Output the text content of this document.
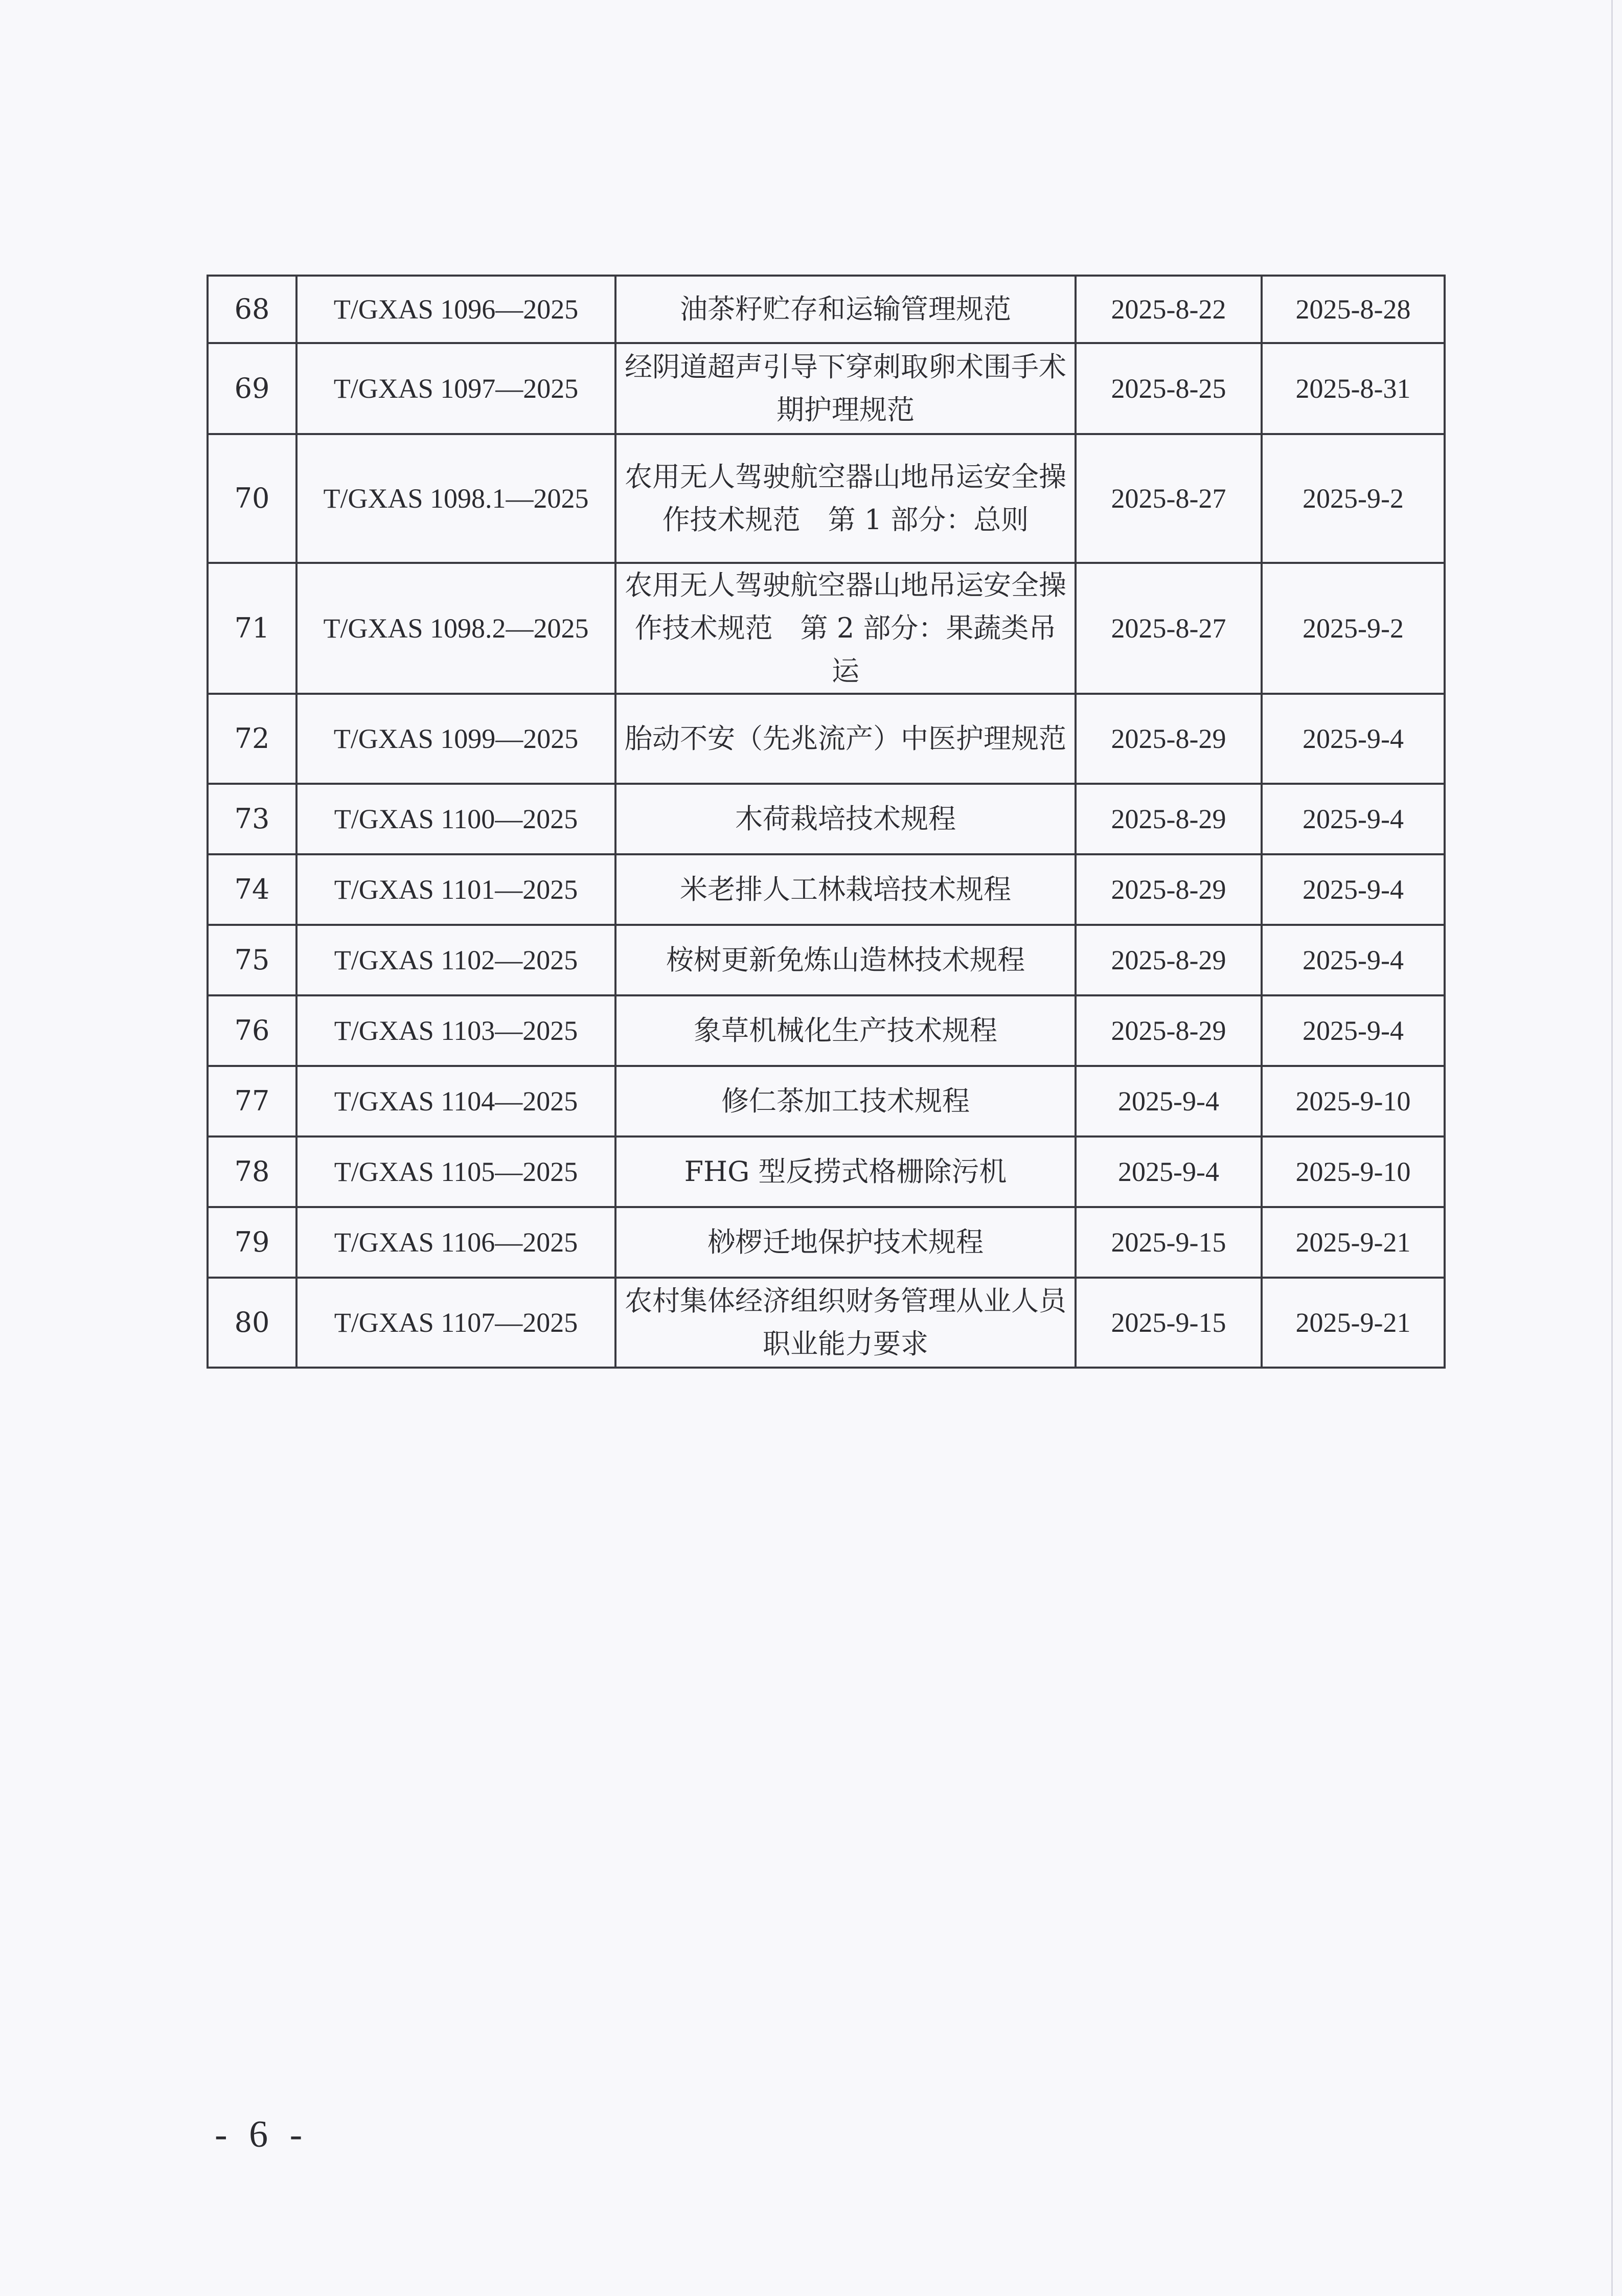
68	T/GXAS 1096—2025	油茶籽贮存和运输管理规范	2025-8-22	2025-8-28
69	T/GXAS 1097—2025	经阴道超声引导下穿刺取卵术围手术期护理规范	2025-8-25	2025-8-31
70	T/GXAS 1098.1—2025	农用无人驾驶航空器山地吊运安全操作技术规范　第 1 部分：总则	2025-8-27	2025-9-2
71	T/GXAS 1098.2—2025	农用无人驾驶航空器山地吊运安全操作技术规范　第 2 部分：果蔬类吊运	2025-8-27	2025-9-2
72	T/GXAS 1099—2025	胎动不安（先兆流产）中医护理规范	2025-8-29	2025-9-4
73	T/GXAS 1100—2025	木荷栽培技术规程	2025-8-29	2025-9-4
74	T/GXAS 1101—2025	米老排人工林栽培技术规程	2025-8-29	2025-9-4
75	T/GXAS 1102—2025	桉树更新免炼山造林技术规程	2025-8-29	2025-9-4
76	T/GXAS 1103—2025	象草机械化生产技术规程	2025-8-29	2025-9-4
77	T/GXAS 1104—2025	修仁茶加工技术规程	2025-9-4	2025-9-10
78	T/GXAS 1105—2025	FHG 型反捞式格栅除污机	2025-9-4	2025-9-10
79	T/GXAS 1106—2025	桫椤迁地保护技术规程	2025-9-15	2025-9-21
80	T/GXAS 1107—2025	农村集体经济组织财务管理从业人员职业能力要求	2025-9-15	2025-9-21
- 6 -
